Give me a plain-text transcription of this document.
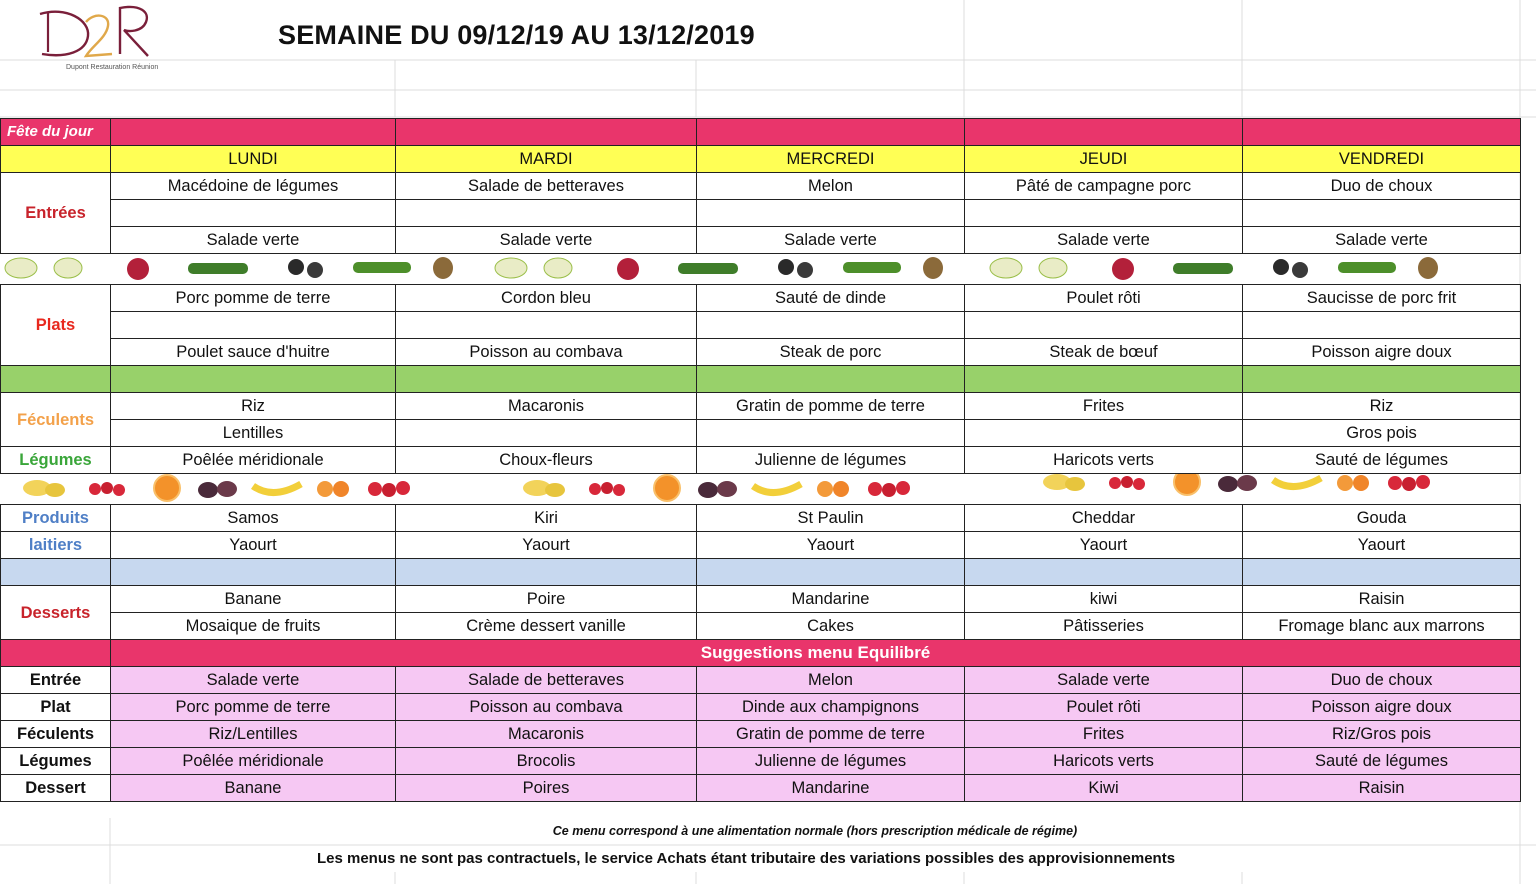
Dupont Restauration Réunion
SEMAINE DU 09/12/19 AU 13/12/2019
Fête du jour					
	LUNDI	MARDI	MERCREDI	JEUDI	VENDREDI
Entrées	Macédoine de légumes	Salade de betteraves	Melon	Pâté de campagne porc	Duo de choux

	Salade verte	Salade verte	Salade verte	Salade verte	Salade verte

Plats	Porc pomme de terre	Cordon bleu	Sauté de dinde	Poulet rôti	Saucisse de porc frit

	Poulet sauce d'huitre	Poisson au combava	Steak de porc	Steak de bœuf	Poisson aigre doux

Féculents	Riz	Macaronis	Gratin de pomme de terre	Frites	Riz
	Lentilles				Gros pois
Légumes	Poêlée méridionale	Choux-fleurs	Julienne de légumes	Haricots verts	Sauté de légumes

Produits	Samos	Kiri	St Paulin	Cheddar	Gouda
laitiers	Yaourt	Yaourt	Yaourt	Yaourt	Yaourt

Desserts	Banane	Poire	Mandarine	kiwi	Raisin
	Mosaique de fruits	Crème dessert vanille	Cakes	Pâtisseries	Fromage blanc aux marrons
	Suggestions menu Equilibré				
Entrée	Salade verte	Salade de betteraves	Melon	Salade verte	Duo de choux
Plat	Porc pomme de terre	Poisson au combava	Dinde aux champignons	Poulet rôti	Poisson aigre doux
Féculents	Riz/Lentilles	Macaronis	Gratin de pomme de terre	Frites	Riz/Gros pois
Légumes	Poêlée méridionale	Brocolis	Julienne de légumes	Haricots verts	Sauté de légumes
Dessert	Banane	Poires	Mandarine	Kiwi	Raisin
Ce menu correspond à une alimentation normale (hors prescription médicale de régime)
Les menus ne sont pas contractuels, le service Achats étant tributaire des variations possibles des approvisionnements
